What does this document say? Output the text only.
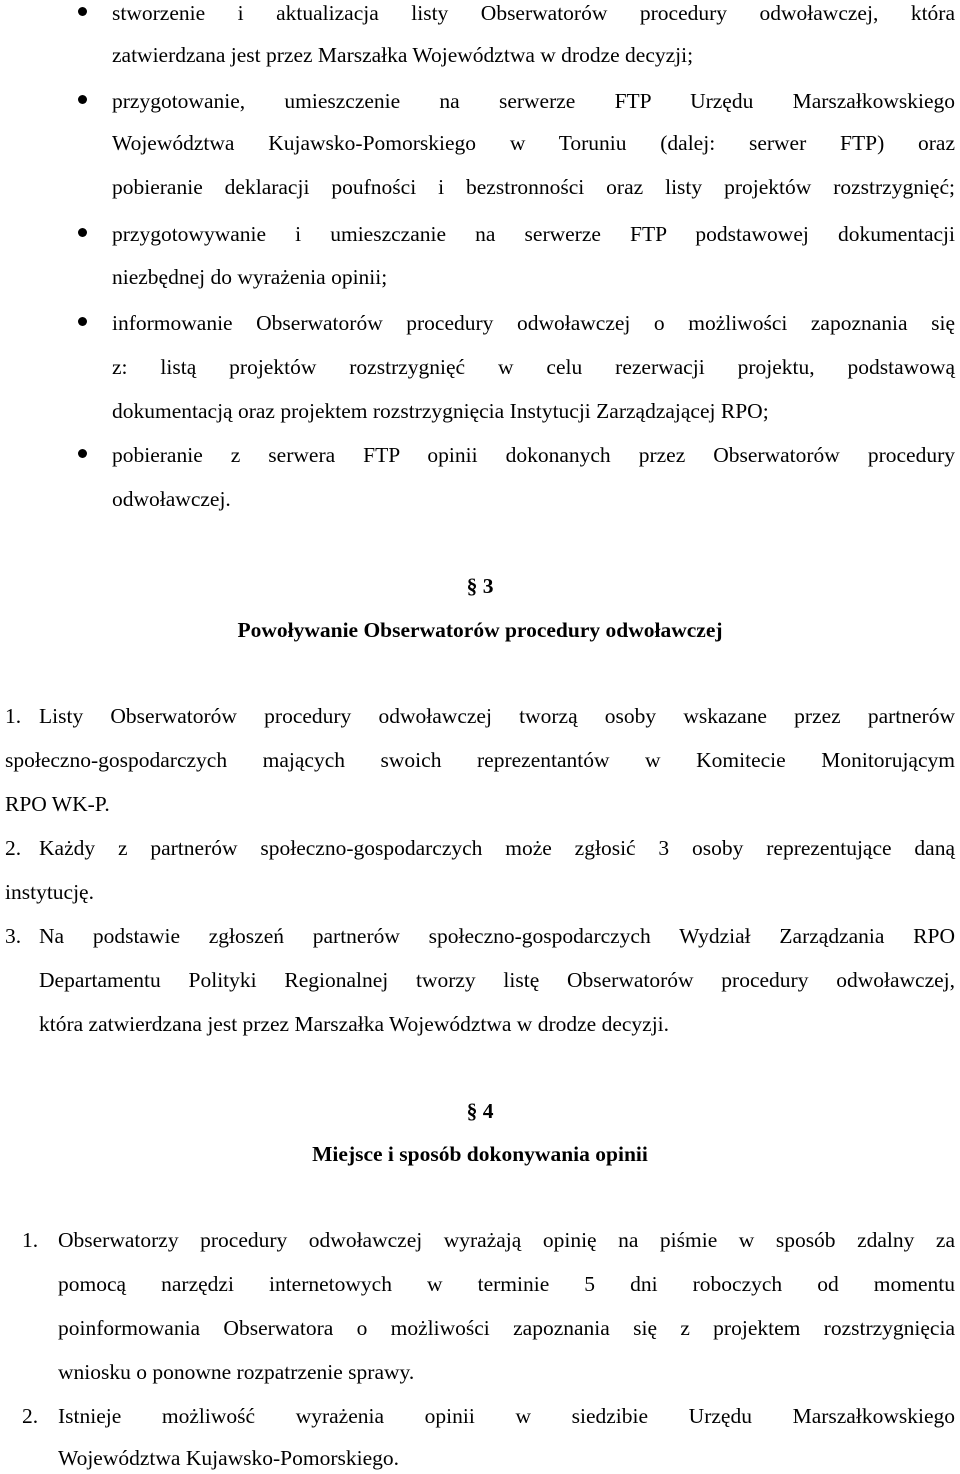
stworzenie i aktualizacja listy Obserwatorów procedury odwoławczej, która
zatwierdzana jest przez Marszałka Województwa w drodze decyzji;
przygotowanie, umieszczenie na serwerze FTP Urzędu Marszałkowskiego
Województwa Kujawsko-Pomorskiego w Toruniu (dalej: serwer FTP) oraz
pobieranie deklaracji poufności i bezstronności oraz listy projektów rozstrzygnięć;
przygotowywanie i umieszczanie na serwerze FTP podstawowej dokumentacji
niezbędnej do wyrażenia opinii;
informowanie Obserwatorów procedury odwoławczej o możliwości zapoznania się
z: listą projektów rozstrzygnięć w celu rezerwacji projektu, podstawową
dokumentacją oraz projektem rozstrzygnięcia Instytucji Zarządzającej RPO;
pobieranie z serwera FTP opinii dokonanych przez Obserwatorów procedury
odwoławczej.
§ 3
Powoływanie Obserwatorów procedury odwoławczej
1. Listy Obserwatorów procedury odwoławczej tworzą osoby wskazane przez partnerów
społeczno-gospodarczych mających swoich reprezentantów w Komitecie Monitorującym
RPO WK-P.
2. Każdy z partnerów społeczno-gospodarczych może zgłosić 3 osoby reprezentujące daną
instytucję.
3. Na podstawie zgłoszeń partnerów społeczno-gospodarczych Wydział Zarządzania RPO
Departamentu Polityki Regionalnej tworzy listę Obserwatorów procedury odwoławczej,
która zatwierdzana jest przez Marszałka Województwa w drodze decyzji.
§ 4
Miejsce i sposób dokonywania opinii
1. Obserwatorzy procedury odwoławczej wyrażają opinię na piśmie w sposób zdalny za
pomocą narzędzi internetowych w terminie 5 dni roboczych od momentu
poinformowania Obserwatora o możliwości zapoznania się z projektem rozstrzygnięcia
wniosku o ponowne rozpatrzenie sprawy.
2. Istnieje możliwość wyrażenia opinii w siedzibie Urzędu Marszałkowskiego
Województwa Kujawsko-Pomorskiego.
